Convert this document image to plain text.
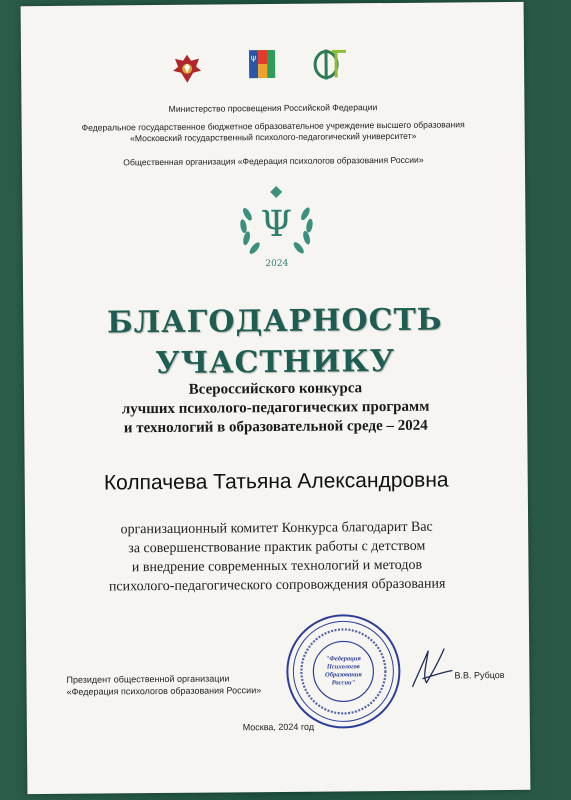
ψ
Министерство просвещения Российской Федерации
Федеральное государственное бюджетное образовательное учреждение высшего образования
«Московский государственный психолого-педагогический университет»
Общественная организация «Федерация психологов образования России»
Ψ
2024
БЛАГОДАРНОСТЬ
УЧАСТНИКУ
Всероссийского конкурса
лучших психолого-педагогических программ
и технологий в образовательной среде – 2024
Колпачева Татьяна Александровна
организационный комитет Конкурса благодарит Вас
за совершенствование практик работы с детством
и внедрение современных технологий и методов
психолого-педагогического сопровождения образования
Президент общественной организации
«Федерация психологов образования России»
"Федерация Психологов Образования России"
В.В. Рубцов
Москва, 2024 год
